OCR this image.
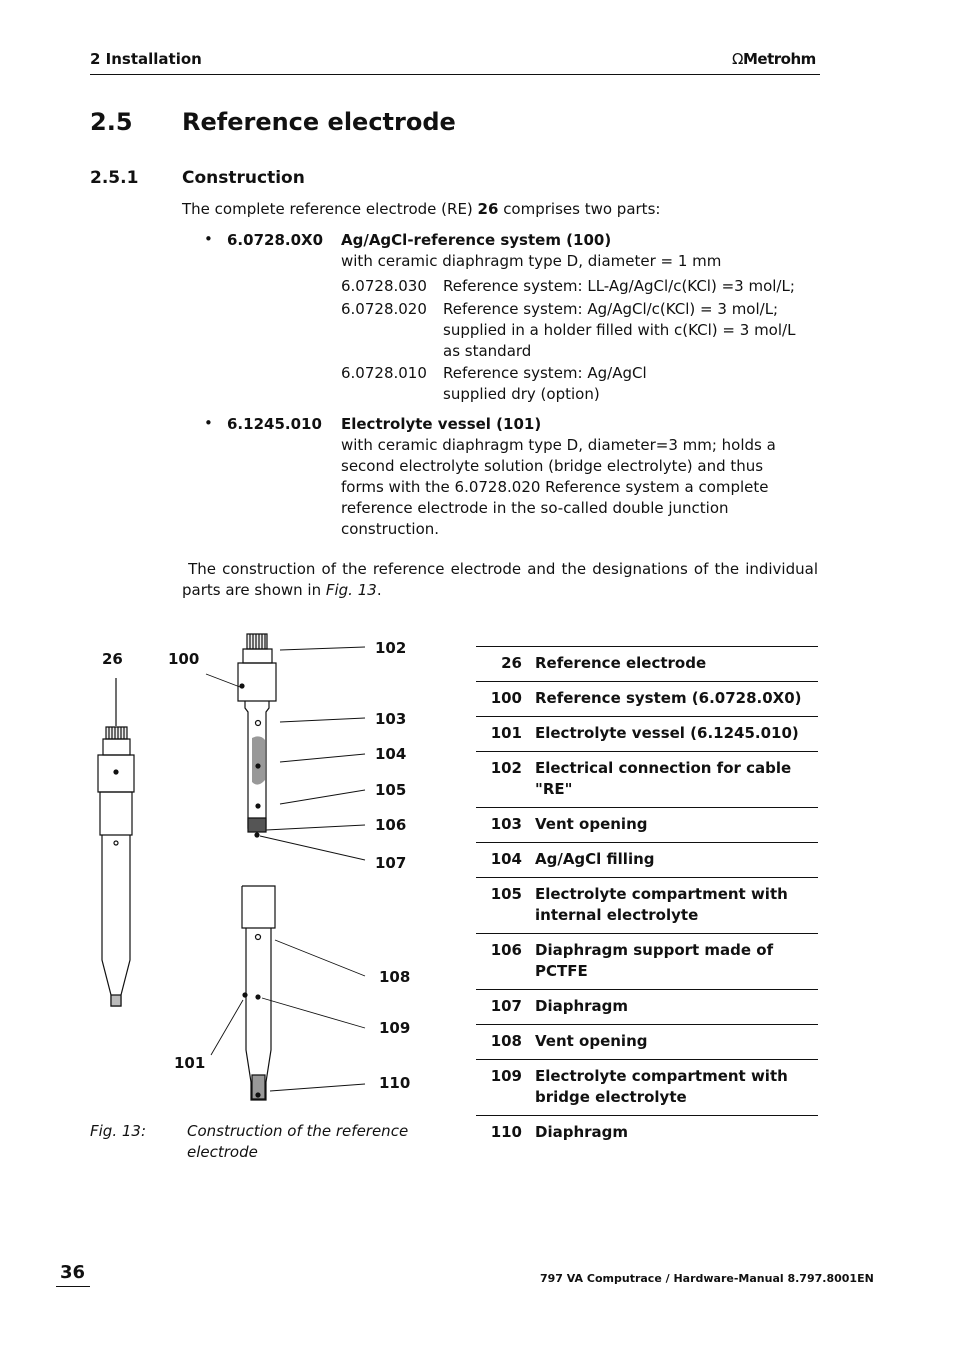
2 Installation	ΩMetrohm
2.5 Reference electrode
2.5.1	Construction
The complete reference electrode (RE) 26 comprises two parts:
• 6.0728.0X0 Ag/AgCl-reference system (100)
with ceramic diaphragm type D, diameter = 1 mm
6.0728.030 Reference system: LL-Ag/AgCl/c(KCl) =3 mol/L;
6.0728.020 Reference system: Ag/AgCl/c(KCl) = 3 mol/L;
supplied in a holder filled with c(KCl) = 3 mol/L
as standard
6.0728.010 Reference system: Ag/AgCl
supplied dry (option)
• 6.1245.010 Electrolyte vessel (101)
with ceramic diaphragm type D, diameter=3 mm; holds a
second electrolyte solution (bridge electrolyte) and thus
forms with the 6.0728.020 Reference system a complete
reference electrode in the so-called double junction
construction.
The construction of the reference electrode and the designations of the individual
parts are shown in Fig. 13.
26	100
102
103
104
105
106
107
108
109
101
110
Fig. 13:	Construction of the reference
electrode
26 Reference electrode
100 Reference system (6.0728.0X0)
101 Electrolyte vessel (6.1245.010)
102 Electrical connection for cable
"RE"
103 Vent opening
104 Ag/AgCl filling
105 Electrolyte compartment with
internal electrolyte
106 Diaphragm support made of
PCTFE
107 Diaphragm
108 Vent opening
109 Electrolyte compartment with
bridge electrolyte
110 Diaphragm
36	797 VA Computrace / Hardware-Manual 8.797.8001EN
